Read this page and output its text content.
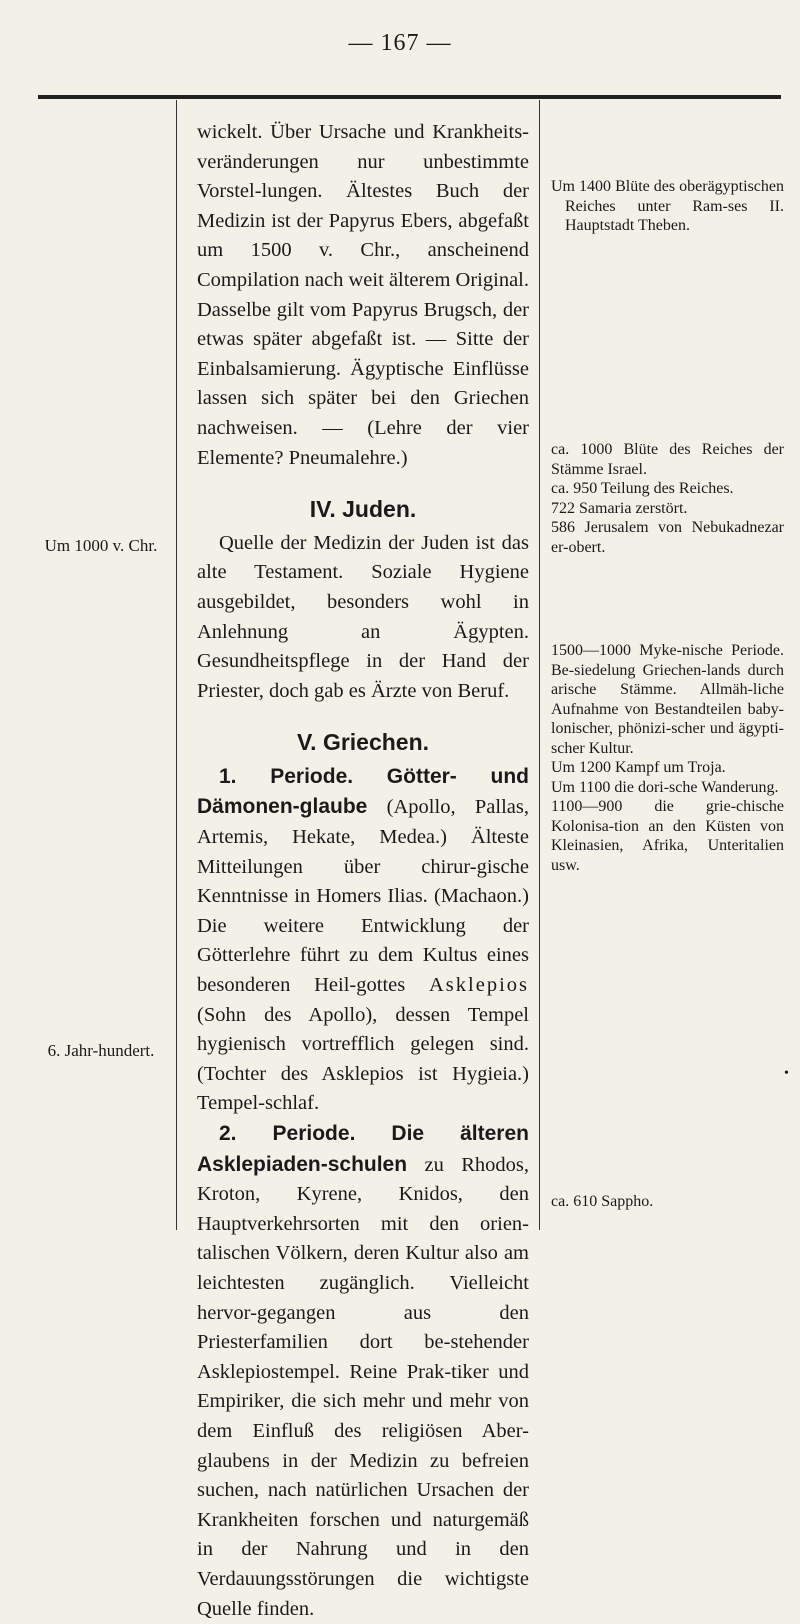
— 167 —
Um 1000 v. Chr.
6. Jahr-hundert.

wickelt. Über Ursache und Krankheits-veränderungen nur unbestimmte Vorstel-lungen. Ältestes Buch der Medizin ist der Papyrus Ebers, abgefaßt um 1500 v. Chr., anscheinend Compilation nach weit älterem Original. Dasselbe gilt vom Papyrus Brugsch, der etwas später abgefaßt ist. — Sitte der Einbalsamierung. Ägyptische Einflüsse lassen sich später bei den Griechen nachweisen. — (Lehre der vier Elemente? Pneumalehre.)

IV. Juden.

Quelle der Medizin der Juden ist das alte Testament. Soziale Hygiene ausgebildet, besonders wohl in Anlehnung an Ägypten. Gesundheitspflege in der Hand der Priester, doch gab es Ärzte von Beruf.

V. Griechen.

1. Periode. Götter- und Dämonen-glaube (Apollo, Pallas, Artemis, Hekate, Medea.) Älteste Mitteilungen über chirur-gische Kenntnisse in Homers Ilias. (Machaon.) Die weitere Entwicklung der Götterlehre führt zu dem Kultus eines besonderen Heil-gottes Asklepios (Sohn des Apollo), dessen Tempel hygienisch vortrefflich gelegen sind. (Tochter des Asklepios ist Hygieia.) Tempel-schlaf.

2. Periode. Die älteren Asklepiaden-schulen zu Rhodos, Kroton, Kyrene, Knidos, den Hauptverkehrsorten mit den orien-talischen Völkern, deren Kultur also am leichtesten zugänglich. Vielleicht hervor-gegangen aus den Priesterfamilien dort be-stehender Asklepiostempel. Reine Prak-tiker und Empiriker, die sich mehr und mehr von dem Einfluß des religiösen Aber-glaubens in der Medizin zu befreien suchen, nach natürlichen Ursachen der Krankheiten forschen und naturgemäß in der Nahrung und in den Verdauungsstörungen die wichtigste Quelle finden.

Um 1400 Blüte des oberägyptischen Reiches unter Ram-ses II. Hauptstadt Theben.

ca. 1000 Blüte des Reiches der Stämme Israel.

ca. 950 Teilung des Reiches.

722 Samaria zerstört.

586 Jerusalem von Nebukadnezar er-obert.

1500—1000 Myke-nische Periode. Be-siedelung Griechen-lands durch arische Stämme. Allmäh-liche Aufnahme von Bestandteilen baby-lonischer, phönizi-scher und ägypti-scher Kultur.

Um 1200 Kampf um Troja.

Um 1100 die dori-sche Wanderung.

1100—900 die grie-chische Kolonisa-tion an den Küsten von Kleinasien, Afrika, Unteritalien usw.

ca. 610 Sappho.

•
